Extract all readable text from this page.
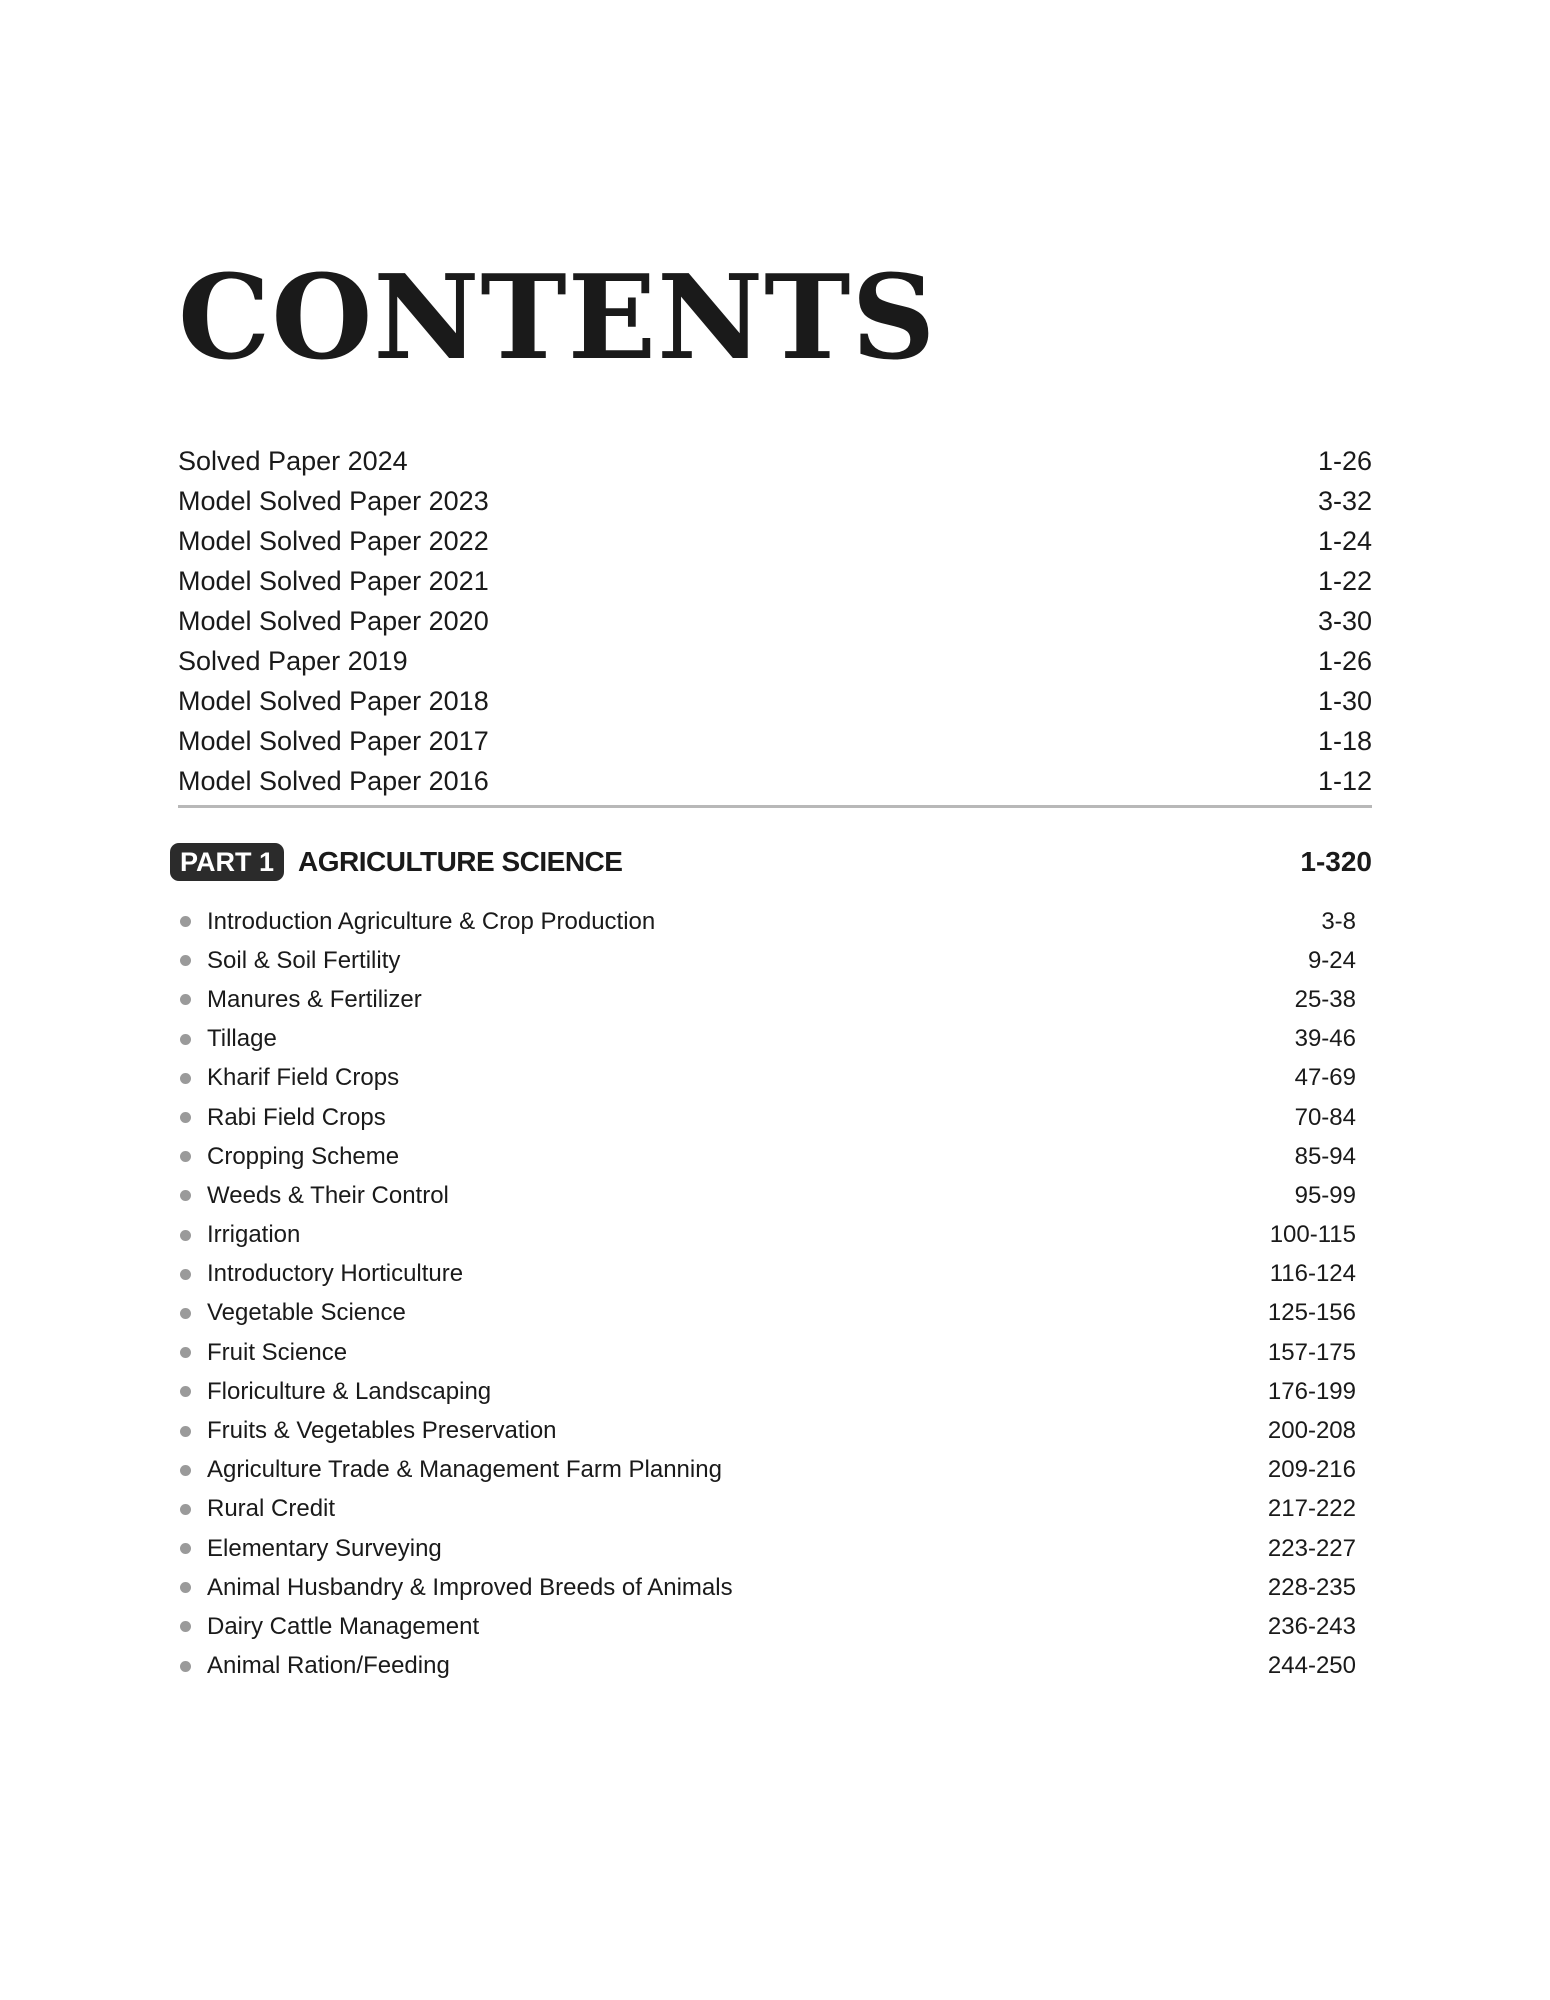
CONTENTS
Solved Paper 2024	1-26
Model Solved Paper 2023	3-32
Model Solved Paper 2022	1-24
Model Solved Paper 2021	1-22
Model Solved Paper 2020	3-30
Solved Paper 2019	1-26
Model Solved Paper 2018	1-30
Model Solved Paper 2017	1-18
Model Solved Paper 2016	1-12
PART 1 AGRICULTURE SCIENCE	1-320
Introduction Agriculture & Crop Production	3-8
Soil & Soil Fertility	9-24
Manures & Fertilizer	25-38
Tillage	39-46
Kharif Field Crops	47-69
Rabi Field Crops	70-84
Cropping Scheme	85-94
Weeds & Their Control	95-99
Irrigation	100-115
Introductory Horticulture	116-124
Vegetable Science	125-156
Fruit Science	157-175
Floriculture & Landscaping	176-199
Fruits & Vegetables Preservation	200-208
Agriculture Trade & Management Farm Planning	209-216
Rural Credit	217-222
Elementary Surveying	223-227
Animal Husbandry & Improved Breeds of Animals	228-235
Dairy Cattle Management	236-243
Animal Ration/Feeding	244-250
